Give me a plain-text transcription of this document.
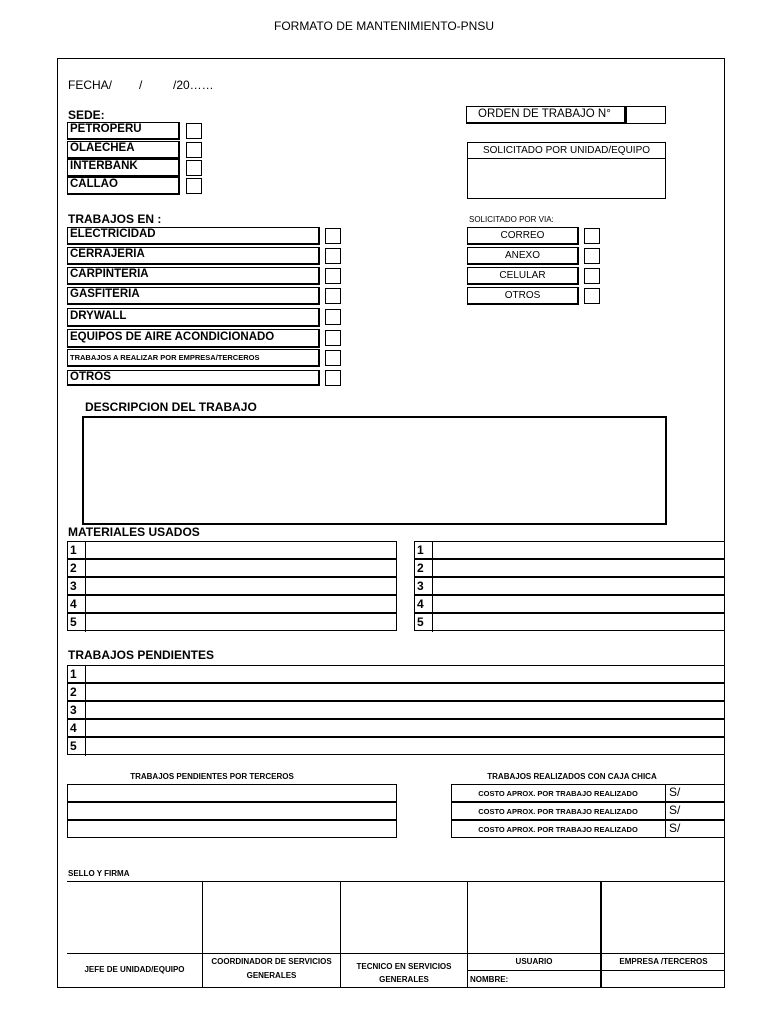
FORMATO DE MANTENIMIENTO-PNSU
FECHA/ /	/20……
SEDE:
PETROPERU
OLAECHEA
INTERBANK
CALLAO
ORDEN DE TRABAJO N°
SOLICITADO POR UNIDAD/EQUIPO
TRABAJOS EN :
ELECTRICIDAD
CERRAJERIA
CARPINTERIA
GASFITERIA
DRYWALL
EQUIPOS DE AIRE ACONDICIONADO
TRABAJOS A REALIZAR POR EMPRESA/TERCEROS
OTROS
SOLICITADO POR VIA:
CORREO
ANEXO
CELULAR
OTROS
DESCRIPCION DEL TRABAJO
MATERIALES USADOS
1
2
3
4
5
1
2
3
4
5
TRABAJOS PENDIENTES
1
2
3
4
5
TRABAJOS PENDIENTES POR TERCEROS	TRABAJOS REALIZADOS CON CAJA CHICA
COSTO APROX. POR TRABAJO REALIZADO	S/
COSTO APROX. POR TRABAJO REALIZADO	S/
COSTO APROX. POR TRABAJO REALIZADO	S/
SELLO Y FIRMA
JEFE DE UNIDAD/EQUIPO
COORDINADOR DE SERVICIOS
GENERALES
TECNICO EN SERVICIOS
GENERALES
USUARIO
NOMBRE:
EMPRESA /TERCEROS
